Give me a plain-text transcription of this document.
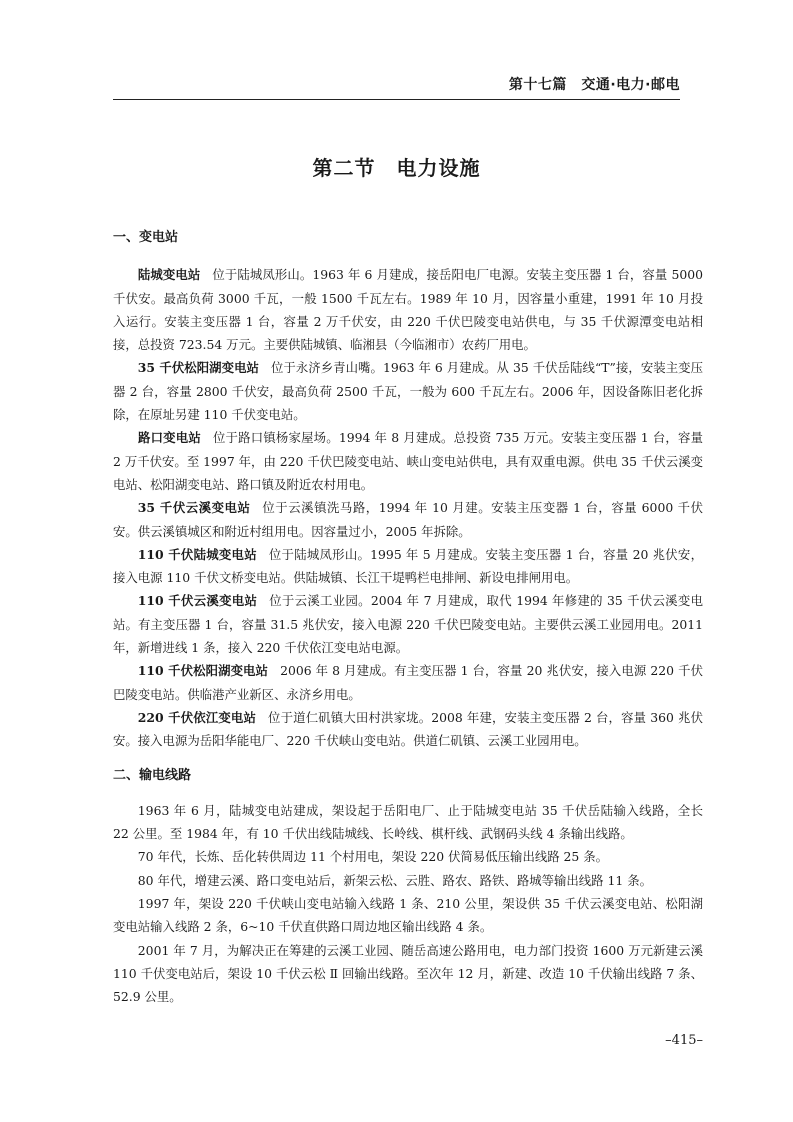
第十七篇　交通·电力·邮电
第二节　电力设施
一、变电站

陆城变电站 位于陆城凤形山。1963 年 6 月建成，接岳阳电厂电源。安装主变压器 1 台，容量 5000 千伏安。最高负荷 3000 千瓦，一般 1500 千瓦左右。1989 年 10 月，因容量小重建，1991 年 10 月投入运行。安装主变压器 1 台，容量 2 万千伏安，由 220 千伏巴陵变电站供电，与 35 千伏源潭变电站相接，总投资 723.54 万元。主要供陆城镇、临湘县（今临湘市）农药厂用电。

35 千伏松阳湖变电站 位于永济乡青山嘴。1963 年 6 月建成。从 35 千伏岳陆线“T”接，安装主变压器 2 台，容量 2800 千伏安，最高负荷 2500 千瓦，一般为 600 千瓦左右。2006 年，因设备陈旧老化拆除，在原址另建 110 千伏变电站。

路口变电站 位于路口镇杨家屋场。1994 年 8 月建成。总投资 735 万元。安装主变压器 1 台，容量 2 万千伏安。至 1997 年，由 220 千伏巴陵变电站、峡山变电站供电，具有双重电源。供电 35 千伏云溪变电站、松阳湖变电站、路口镇及附近农村用电。

35 千伏云溪变电站 位于云溪镇洗马路，1994 年 10 月建。安装主压变器 1 台，容量 6000 千伏安。供云溪镇城区和附近村组用电。因容量过小，2005 年拆除。

110 千伏陆城变电站 位于陆城凤形山。1995 年 5 月建成。安装主变压器 1 台，容量 20 兆伏安，接入电源 110 千伏文桥变电站。供陆城镇、长江干堤鸭栏电排闸、新设电排闸用电。

110 千伏云溪变电站 位于云溪工业园。2004 年 7 月建成，取代 1994 年修建的 35 千伏云溪变电站。有主变压器 1 台，容量 31.5 兆伏安，接入电源 220 千伏巴陵变电站。主要供云溪工业园用电。2011 年，新增进线 1 条，接入 220 千伏依江变电站电源。

110 千伏松阳湖变电站 2006 年 8 月建成。有主变压器 1 台，容量 20 兆伏安，接入电源 220 千伏巴陵变电站。供临港产业新区、永济乡用电。

220 千伏依江变电站 位于道仁矶镇大田村洪家垅。2008 年建，安装主变压器 2 台，容量 360 兆伏安。接入电源为岳阳华能电厂、220 千伏峡山变电站。供道仁矶镇、云溪工业园用电。

二、输电线路

1963 年 6 月，陆城变电站建成，架设起于岳阳电厂、止于陆城变电站 35 千伏岳陆输入线路，全长 22 公里。至 1984 年，有 10 千伏出线陆城线、长岭线、棋杆线、武钢码头线 4 条输出线路。

70 年代，长炼、岳化转供周边 11 个村用电，架设 220 伏简易低压输出线路 25 条。

80 年代，增建云溪、路口变电站后，新架云松、云胜、路农、路铁、路城等输出线路 11 条。

1997 年，架设 220 千伏峡山变电站输入线路 1 条、210 公里，架设供 35 千伏云溪变电站、松阳湖变电站输入线路 2 条，6~10 千伏直供路口周边地区输出线路 4 条。

2001 年 7 月，为解决正在筹建的云溪工业园、随岳高速公路用电，电力部门投资 1600 万元新建云溪 110 千伏变电站后，架设 10 千伏云松 Ⅱ 回输出线路。至次年 12 月，新建、改造 10 千伏输出线路 7 条、52.9 公里。

–415–
